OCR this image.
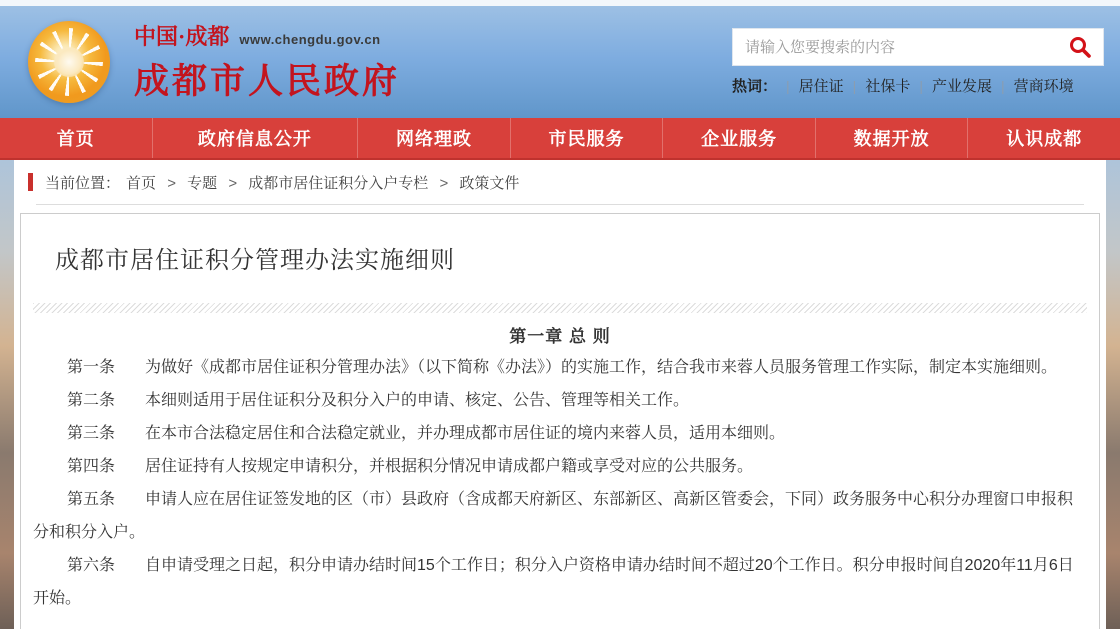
中国·成都 www.chengdu.gov.cn
成都市人民政府
请输入您要搜索的内容	热词： | 居住证 | 社保卡 | 产业发展 | 营商环境
首页	政府信息公开	网络理政	市民服务	企业服务	数据开放	认识成都
当前位置： 首页 > 专题 > 成都市居住证积分入户专栏 > 政策文件
成都市居住证积分管理办法实施细则
第一章 总 则

第一条 为做好《成都市居住证积分管理办法》（以下简称《办法》）的实施工作，结合我市来蓉人员服务管理工作实际，制定本实施细则。

第二条 本细则适用于居住证积分及积分入户的申请、核定、公告、管理等相关工作。

第三条 在本市合法稳定居住和合法稳定就业，并办理成都市居住证的境内来蓉人员，适用本细则。

第四条 居住证持有人按规定申请积分，并根据积分情况申请成都户籍或享受对应的公共服务。

第五条 申请人应在居住证签发地的区（市）县政府（含成都天府新区、东部新区、高新区管委会，下同）政务服务中心积分办理窗口申报积分和积分入户。

第六条 自申请受理之日起，积分申请办结时间15个工作日；积分入户资格申请办结时间不超过20个工作日。积分申报时间自2020年11月6日开始。
